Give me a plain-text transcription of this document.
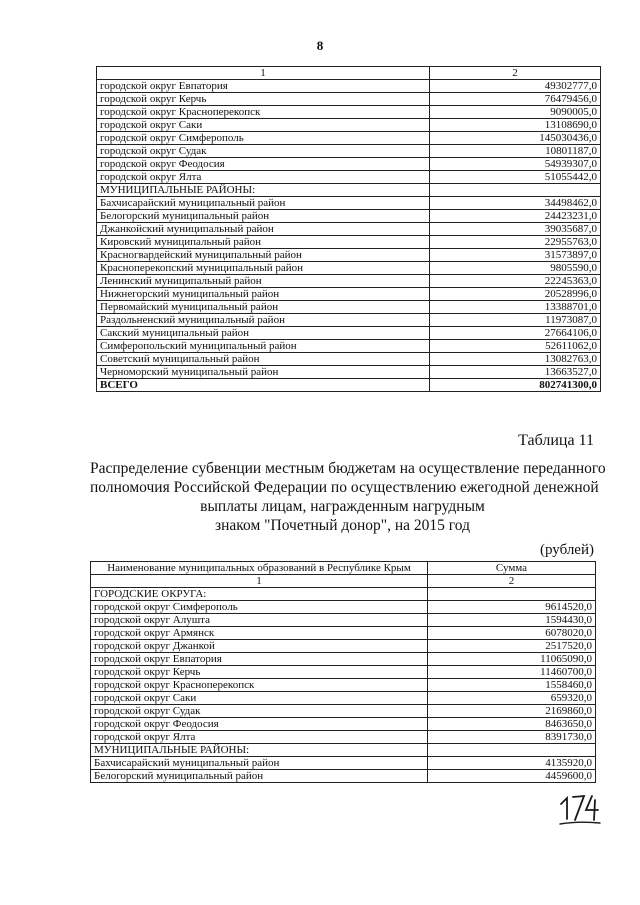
8
1	2
городской округ Евпатория	49302777,0
городской округ Керчь	76479456,0
городской округ Красноперекопск	9090005,0
городской округ Саки	13108690,0
городской округ Симферополь	145030436,0
городской округ Судак	10801187,0
городской округ Феодосия	54939307,0
городской округ Ялта	51055442,0
МУНИЦИПАЛЬНЫЕ РАЙОНЫ:	
Бахчисарайский муниципальный район	34498462,0
Белогорский муниципальный район	24423231,0
Джанкойский муниципальный район	39035687,0
Кировский муниципальный район	22955763,0
Красногвардейский муниципальный район	31573897,0
Красноперекопский муниципальный район	9805590,0
Ленинский муниципальный район	22245363,0
Нижнегорский муниципальный район	20528996,0
Первомайский муниципальный район	13388701,0
Раздольненский муниципальный район	11973087,0
Сакский муниципальный район	27664106,0
Симферопольский муниципальный район	52611062,0
Советский муниципальный район	13082763,0
Черноморский муниципальный район	13663527,0
ВСЕГО	802741300,0
Таблица 11
Распределение субвенции местным бюджетам на осуществление переданного
полномочия Российской Федерации по осуществлению ежегодной денежной
выплаты лицам, награжденным нагрудным
знаком "Почетный донор", на 2015 год
(рублей)
Наименование муниципальных образований в Республике Крым	Сумма
1	2
ГОРОДСКИЕ ОКРУГА:	
городской округ Симферополь	9614520,0
городской округ Алушта	1594430,0
городской округ Армянск	6078020,0
городской округ Джанкой	2517520,0
городской округ Евпатория	11065090,0
городской округ Керчь	11460700,0
городской округ Красноперекопск	1558460,0
городской округ Саки	659320,0
городской округ Судак	2169860,0
городской округ Феодосия	8463650,0
городской округ Ялта	8391730,0
МУНИЦИПАЛЬНЫЕ РАЙОНЫ:	
Бахчисарайский муниципальный район	4135920,0
Белогорский муниципальный район	4459600,0
